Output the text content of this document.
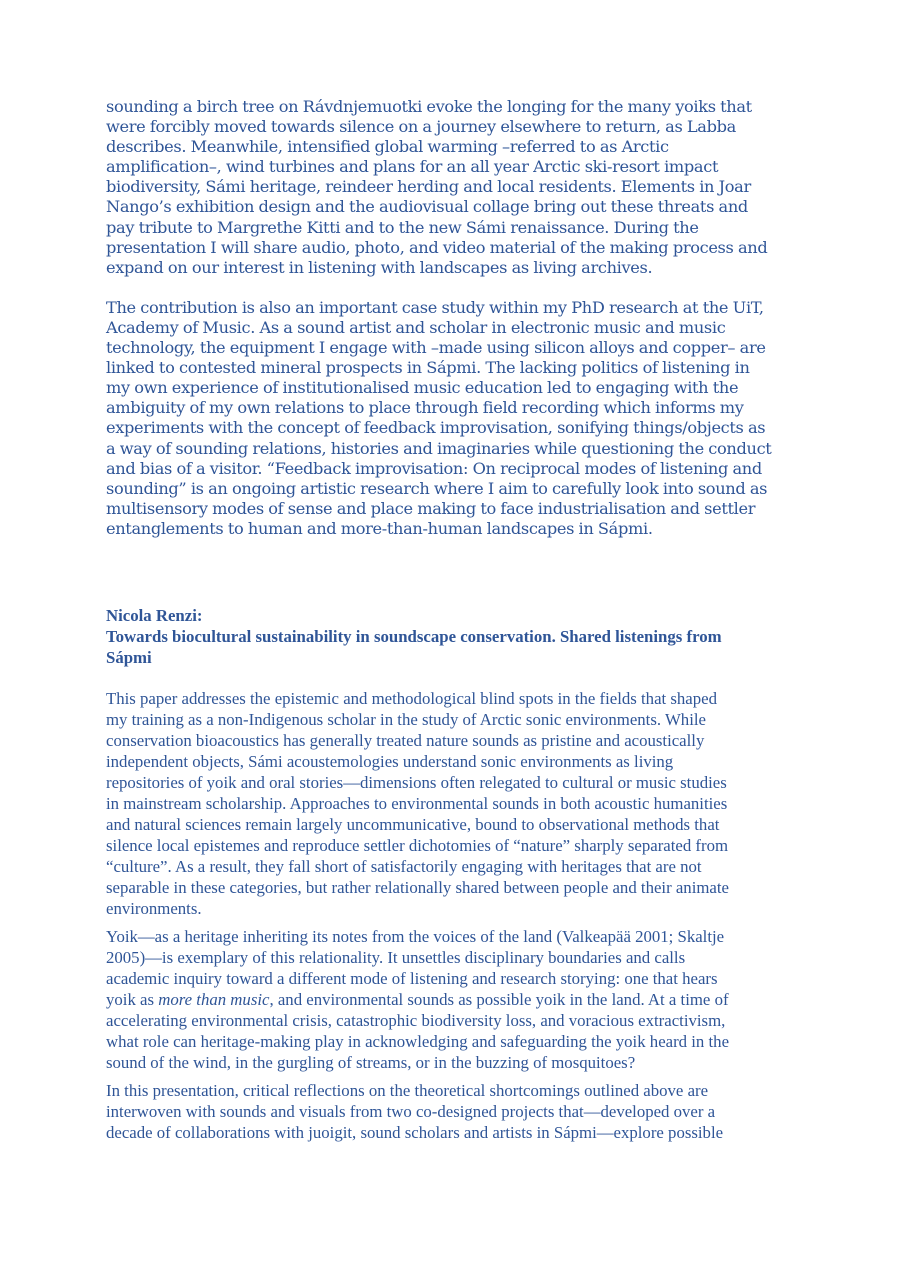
sounding a birch tree on Rávdnjemuotki evoke the longing for the many yoiks that
were forcibly moved towards silence on a journey elsewhere to return, as Labba
describes. Meanwhile, intensified global warming –referred to as Arctic
amplification–, wind turbines and plans for an all year Arctic ski-resort impact
biodiversity, Sámi heritage, reindeer herding and local residents. Elements in Joar
Nango’s exhibition design and the audiovisual collage bring out these threats and
pay tribute to Margrethe Kitti and to the new Sámi renaissance. During the
presentation I will share audio, photo, and video material of the making process and
expand on our interest in listening with landscapes as living archives.

The contribution is also an important case study within my PhD research at the UiT,
Academy of Music. As a sound artist and scholar in electronic music and music
technology, the equipment I engage with –made using silicon alloys and copper– are
linked to contested mineral prospects in Sápmi. The lacking politics of listening in
my own experience of institutionalised music education led to engaging with the
ambiguity of my own relations to place through field recording which informs my
experiments with the concept of feedback improvisation, sonifying things/objects as
a way of sounding relations, histories and imaginaries while questioning the conduct
and bias of a visitor. “Feedback improvisation: On reciprocal modes of listening and
sounding” is an ongoing artistic research where I aim to carefully look into sound as
multisensory modes of sense and place making to face industrialisation and settler
entanglements to human and more-than-human landscapes in Sápmi.

Nicola Renzi:
Towards biocultural sustainability in soundscape conservation. Shared listenings from
Sápmi

This paper addresses the epistemic and methodological blind spots in the fields that shaped
my training as a non-Indigenous scholar in the study of Arctic sonic environments. While
conservation bioacoustics has generally treated nature sounds as pristine and acoustically
independent objects, Sámi acoustemologies understand sonic environments as living
repositories of yoik and oral stories—dimensions often relegated to cultural or music studies
in mainstream scholarship. Approaches to environmental sounds in both acoustic humanities
and natural sciences remain largely uncommunicative, bound to observational methods that
silence local epistemes and reproduce settler dichotomies of “nature” sharply separated from
“culture”. As a result, they fall short of satisfactorily engaging with heritages that are not
separable in these categories, but rather relationally shared between people and their animate
environments.

Yoik—as a heritage inheriting its notes from the voices of the land (Valkeapää 2001; Skaltje
2005)—is exemplary of this relationality. It unsettles disciplinary boundaries and calls
academic inquiry toward a different mode of listening and research storying: one that hears
yoik as more than music, and environmental sounds as possible yoik in the land. At a time of
accelerating environmental crisis, catastrophic biodiversity loss, and voracious extractivism,
what role can heritage-making play in acknowledging and safeguarding the yoik heard in the
sound of the wind, in the gurgling of streams, or in the buzzing of mosquitoes?

In this presentation, critical reflections on the theoretical shortcomings outlined above are
interwoven with sounds and visuals from two co-designed projects that—developed over a
decade of collaborations with juoigit, sound scholars and artists in Sápmi—explore possible
